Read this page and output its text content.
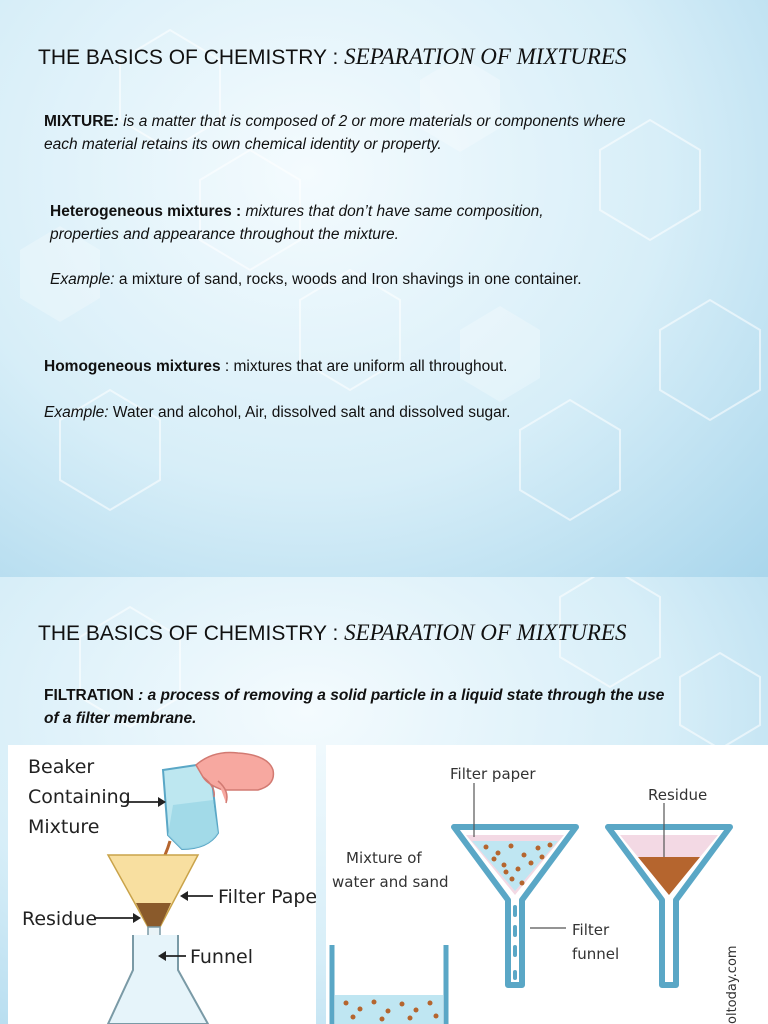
THE BASICS OF CHEMISTRY : SEPARATION OF MIXTURES
MIXTURE: is a matter that is composed of 2 or more materials or components where
each material retains its own chemical identity or property.
Heterogeneous mixtures : mixtures that don’t have same composition,
properties and appearance throughout the mixture.
Example: a mixture of sand, rocks, woods and Iron shavings in one container.
Homogeneous mixtures : mixtures that are uniform all throughout.
Example: Water and alcohol, Air, dissolved salt and dissolved sugar.
THE BASICS OF CHEMISTRY : SEPARATION OF MIXTURES
FILTRATION : a process of removing a solid particle in a liquid state through the use
of a filter membrane.
Beaker
Containing
Mixture
Filter Paper
Residue
Funnel
Filter paper
Residue
Mixture of
water and sand
Filter
funnel	oltoday.com
